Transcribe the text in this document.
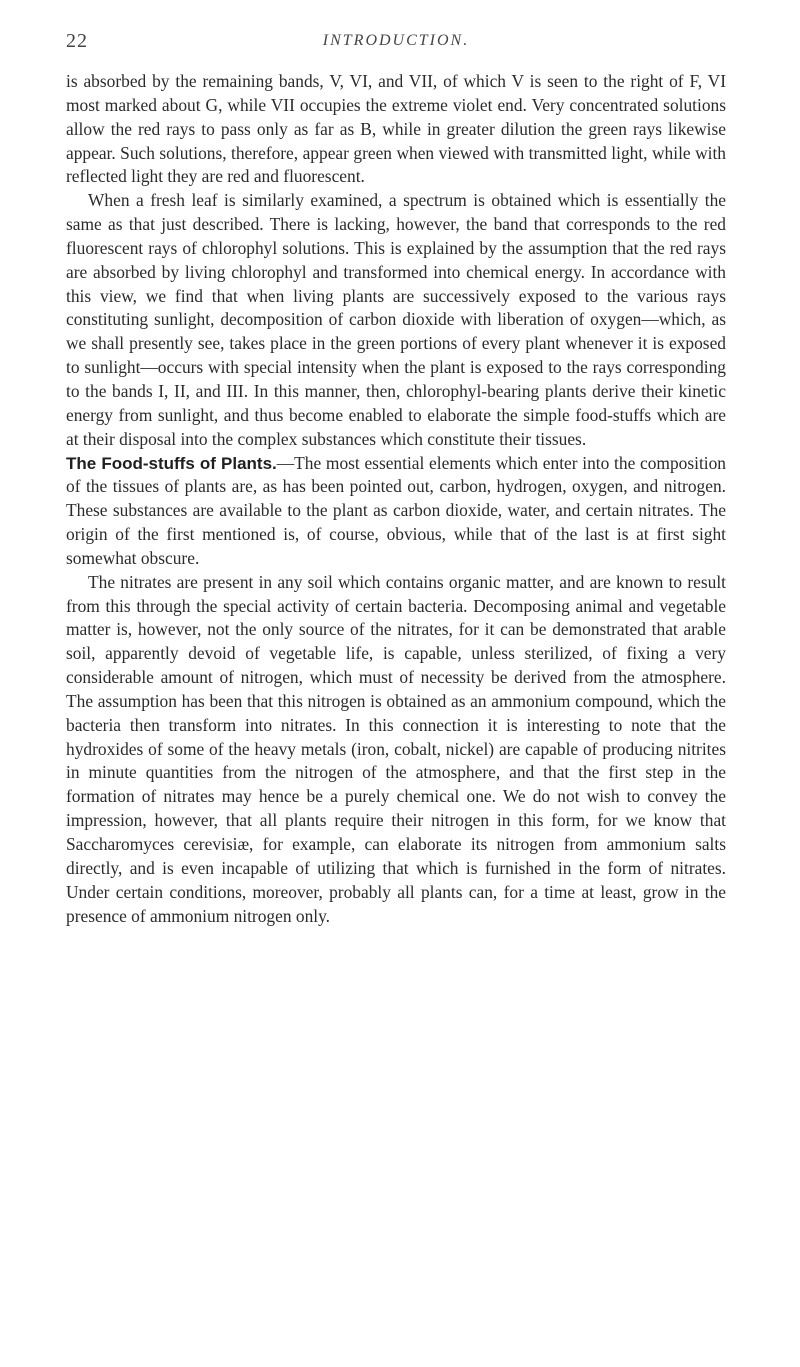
22	INTRODUCTION.

is absorbed by the remaining bands, V, VI, and VII, of which V is seen to the right of F, VI most marked about G, while VII occupies the extreme violet end. Very concentrated solutions allow the red rays to pass only as far as B, while in greater dilution the green rays likewise appear. Such solutions, therefore, appear green when viewed with transmitted light, while with reflected light they are red and fluorescent.

When a fresh leaf is similarly examined, a spectrum is obtained which is essentially the same as that just described. There is lacking, however, the band that corresponds to the red fluorescent rays of chlorophyl solutions. This is explained by the assumption that the red rays are absorbed by living chlorophyl and transformed into chemical energy. In accordance with this view, we find that when living plants are successively exposed to the various rays constituting sunlight, decomposition of carbon dioxide with liberation of oxygen—which, as we shall presently see, takes place in the green portions of every plant whenever it is exposed to sunlight—occurs with special intensity when the plant is exposed to the rays corresponding to the bands I, II, and III. In this manner, then, chlorophyl-bearing plants derive their kinetic energy from sunlight, and thus become enabled to elaborate the simple food-stuffs which are at their disposal into the complex substances which constitute their tissues.

The Food-stuffs of Plants.—The most essential elements which enter into the composition of the tissues of plants are, as has been pointed out, carbon, hydrogen, oxygen, and nitrogen. These substances are available to the plant as carbon dioxide, water, and certain nitrates. The origin of the first mentioned is, of course, obvious, while that of the last is at first sight somewhat obscure.

The nitrates are present in any soil which contains organic matter, and are known to result from this through the special activity of certain bacteria. Decomposing animal and vegetable matter is, however, not the only source of the nitrates, for it can be demonstrated that arable soil, apparently devoid of vegetable life, is capable, unless sterilized, of fixing a very considerable amount of nitrogen, which must of necessity be derived from the atmosphere. The assumption has been that this nitrogen is obtained as an ammonium compound, which the bacteria then transform into nitrates. In this connection it is interesting to note that the hydroxides of some of the heavy metals (iron, cobalt, nickel) are capable of producing nitrites in minute quantities from the nitrogen of the atmosphere, and that the first step in the formation of nitrates may hence be a purely chemical one. We do not wish to convey the impression, however, that all plants require their nitrogen in this form, for we know that Saccharomyces cerevisiæ, for example, can elaborate its nitrogen from ammonium salts directly, and is even incapable of utilizing that which is furnished in the form of nitrates. Under certain conditions, moreover, probably all plants can, for a time at least, grow in the presence of ammonium nitrogen only.
